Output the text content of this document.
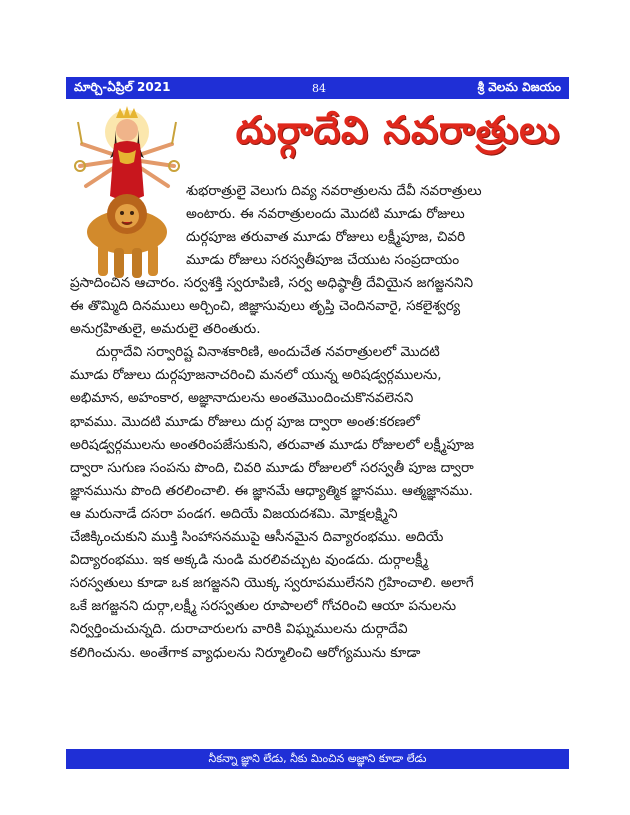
మార్చి-ఏప్రిల్ 2021	84	శ్రీ వెలమ విజయం
దుర్గాదేవి నవరాత్రులు
శుభరాత్రులై వెలుగు దివ్య నవరాత్రులను దేవీ నవరాత్రులు
అంటారు. ఈ నవరాత్రులందు మొదటి మూడు రోజులు
దుర్గపూజ తరువాత మూడు రోజులు లక్ష్మీపూజ, చివరి
మూడు రోజులు సరస్వతీపూజ చేయుట సంప్రదాయం
ప్రసాదించిన ఆచారం. సర్వశక్తి స్వరూపిణి, సర్వ అధిష్ఠాత్రీ దేవియైన జగజ్జననిని
ఈ తొమ్మిది దినములు అర్చించి, జిజ్ఞాసువులు తృప్తి చెందినవారై, సకలైశ్వర్య
అనుగ్రహితులై, అమరులై తరింతురు.
దుర్గాదేవి సర్వారిష్ట వినాశకారిణి, అందుచేత నవరాత్రులలో మొదటి
మూడు రోజులు దుర్గపూజనాచరించి మనలో యున్న అరిషడ్వర్గములను,
అభిమాన, అహంకార, అజ్ఞానాదులను అంతమొందించుకొనవలెనని
భావము. మొదటి మూడు రోజులు దుర్గ పూజ ద్వారా అంత:కరణలో
అరిషడ్వర్గములను అంతరింపజేసుకుని, తరువాత మూడు రోజులలో లక్ష్మీపూజ
ద్వారా సుగుణ సంపను పొంది, చివరి మూడు రోజులలో సరస్వతీ పూజ ద్వారా
జ్ఞానమును పొంది తరలించాలి. ఈ జ్ఞానమే ఆధ్యాత్మిక జ్ఞానము. ఆత్మజ్ఞానము.
ఆ మరునాడే దసరా పండగ. అదియే విజయదశమి. మోక్షలక్ష్మిని
చేజిక్కించుకుని ముక్తి సింహాసనముపై ఆసీనమైన దివ్యారంభము. అదియే
విద్యారంభము. ఇక అక్కడి నుండి మరలివచ్చుట వుండదు. దుర్గాలక్ష్మీ
సరస్వతులు కూడా ఒక జగజ్జనని యొక్క స్వరూపములేనని గ్రహించాలి. అలాగే
ఒకే జగజ్జనని దుర్గా,లక్ష్మీ సరస్వతుల రూపాలలో గోచరించి ఆయా పనులను
నిర్వర్తించుచున్నది. దురాచారులగు వారికి విఘ్నములను దుర్గాదేవి
కలిగించును. అంతేగాక వ్యాధులను నిర్మూలించి ఆరోగ్యమును కూడా
నీకన్నా జ్ఞాని లేడు, నీకు మించిన అజ్ఞాని కూడా లేడు
